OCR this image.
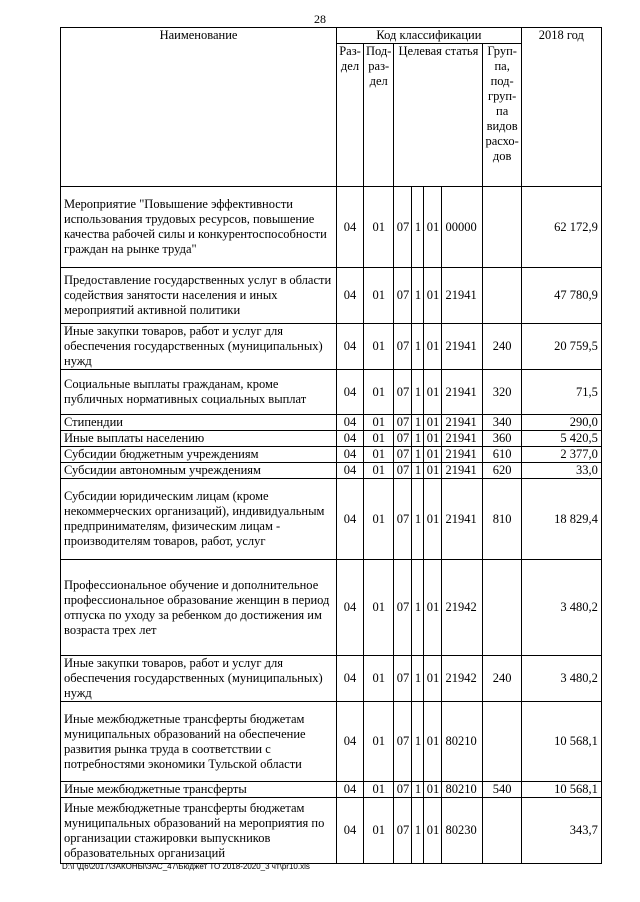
28
Наименование	Код классификации							2018 год
	Раз-дел	Под-раз-дел	Целевая статья				Груп-па, под-груп-па видов расхо-дов	
Мероприятие "Повышение эффективности использования трудовых ресурсов, повышение качества рабочей силы и конкурентоспособности граждан на рынке труда"	04	01	07	1	01	00000		62 172,9
Предоставление государственных услуг в области содействия занятости населения и иных мероприятий активной политики	04	01	07	1	01	21941		47 780,9
Иные закупки товаров, работ и услуг для обеспечения государственных (муниципальных) нужд	04	01	07	1	01	21941	240	20 759,5
Социальные выплаты гражданам, кроме публичных нормативных социальных выплат	04	01	07	1	01	21941	320	71,5
Стипендии	04	01	07	1	01	21941	340	290,0
Иные выплаты населению	04	01	07	1	01	21941	360	5 420,5
Субсидии бюджетным учреждениям	04	01	07	1	01	21941	610	2 377,0
Субсидии автономным учреждениям	04	01	07	1	01	21941	620	33,0
Субсидии юридическим лицам (кроме некоммерческих организаций), индивидуальным предпринимателям, физическим лицам - производителям товаров, работ, услуг	04	01	07	1	01	21941	810	18 829,4
Профессиональное обучение и дополнительное профессиональное образование женщин в период отпуска по уходу за ребенком до достижения им возраста трех лет	04	01	07	1	01	21942		3 480,2
Иные закупки товаров, работ и услуг для обеспечения государственных (муниципальных) нужд	04	01	07	1	01	21942	240	3 480,2
Иные межбюджетные трансферты бюджетам муниципальных образований на обеспечение развития рынка труда в соответствии с потребностями экономики Тульской области	04	01	07	1	01	80210		10 568,1
Иные межбюджетные трансферты	04	01	07	1	01	80210	540	10 568,1
Иные межбюджетные трансферты бюджетам муниципальных образований на мероприятия по организации стажировки выпускников образовательных организаций	04	01	07	1	01	80230		343,7
D:\Г\Д6\2017\ЗАКОНЫ\ЗАС_47\Бюджет ТО 2018-2020_3 чт\pr10.xls
